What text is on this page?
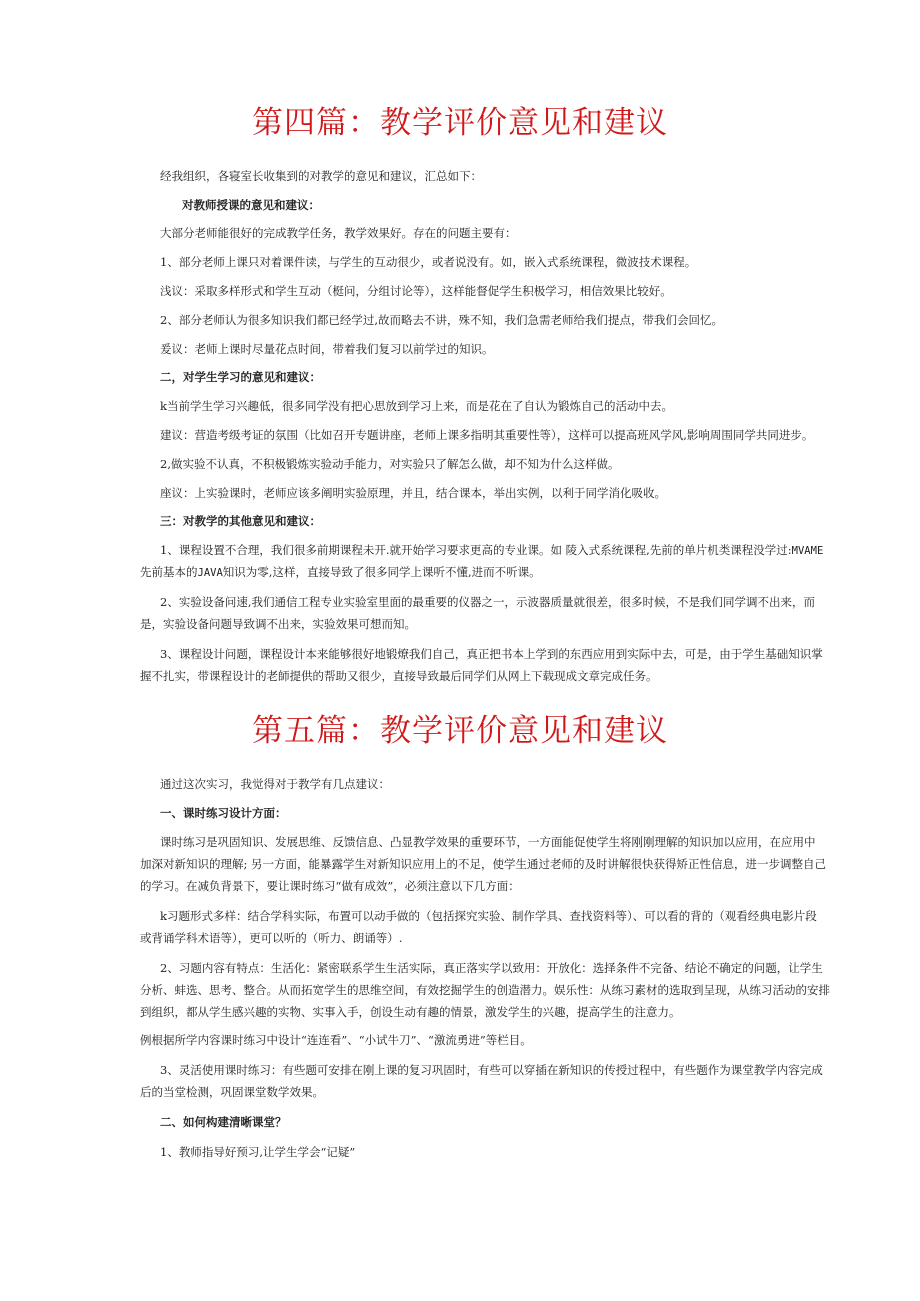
第四篇：教学评价意见和建议
经我组织，各寝室长收集到的对教学的意见和建议，汇总如下：
对教师授课的意见和建议：
大部分老师能很好的完成教学任务，教学效果好。存在的问题主要有：
1、部分老师上课只对着课件读，与学生的互动很少，或者说没有。如，嵌入式系统课程，微波技术课程。
浅议：采取多样形式和学生互动（梃问，分组讨论等），这样能督促学生积极学习，相信效果比较好。
2、部分老师认为很多知识我们都已经学过,故而略去不讲，殊不知，我们急需老师给我们提点，带我们会回忆。
爰议：老师上课时尽量花点时间，带着我们复习以前学过的知识。
二，对学生学习的意见和建议：
k当前学生学习兴趣低，很多同学没有把心思放到学习上来，而是花在了自认为锻炼自己的活动中去。
建议：营造考级考证的氛围（比如召开专题讲座，老师上课多指明其重要性等），这样可以提高班风学风,影响周围同学共同进步。
2,做实验不认真，不积极锻炼实验动手能力，对实验只了解怎么做，却不知为什么这样做。
座议：上实验课时，老师应该多阐明实验原理，并且，结合课本，举出实例，以利于同学消化吸收。
三：对教学的其他意见和建议：
1、课程设置不合理，我们很多前期课程未开.就开始学习要求更高的专业课。如 陵入式系统课程,先前的单片机类课程没学过:MVAME
先前基本的JAVA知识为零,这样，直接导致了很多同学上课听不懂,进而不听课。
2、实验设备问速,我们通信工程专业实验室里面的最重要的仪器之一，示波器质量就很差，很多时候，不是我们同学调不出来，而
是，实验设备问题导致调不出来，实验效果可想而知。
3、课程设计问题，课程设计本来能够很好地锻燎我们自己，真正把书本上学到的东西应用到实际中去，可是，由于学生基础知识掌
握不扎实，带课程设计的老師提供的帮助又很少，直接导致最后同学们从网上下载现成文章完成任务。
第五篇：教学评价意见和建议
通过这次实习，我觉得对于教学有几点建议：
一、课时练习设计方面：
课时练习是巩固知识、发展思维、反馈信息、凸显教学效果的重要环节，一方面能促使学生将刚刚理解的知识加以应用，在应用中
加深对新知识的理解; 另一方面，能暴露学生对新知识应用上的不足，使学生通过老师的及时讲解很快获得矫正性信息，进一步调整自己
的学习。在减负背景下，要让课时练习“做有成效”，必须注意以下几方面：
k习题形式多样：结合学科实际，布置可以动手做的（包括探究实验、制作学具、查找资料等）、可以看的背的（观看经典电影片段
或背诵学科术语等），更可以听的（听力、朗诵等）.
2、习题内容有特点：生活化：紧密联系学生生活实际，真正落实学以致用：开放化：选择条件不完备、结论不确定的问题，让学生
分析、蚌选、思考、整合。从而拓宽学生的思维空间，有效挖掘学生的创造潜力。娱乐性：从练习素材的选取到呈现，从练习活动的安排
到组织，都从学生感兴趣的实物、实事入手，创设生动有趣的情景，激发学生的兴趣，提高学生的注意力。
例根据所学内容课时练习中设计“连连看”、“小试牛刀”、“激流勇进”等栏目。
3、灵活使用课时练习：有些题可安排在刚上课的复习巩固时，有些可以穿插在新知识的传授过程中，有些题作为课堂教学内容完成
后的当堂检测，巩固课堂数学效果。
二、如何构建清晰课堂？
1、教师指导好预习,让学生学会“记疑”
